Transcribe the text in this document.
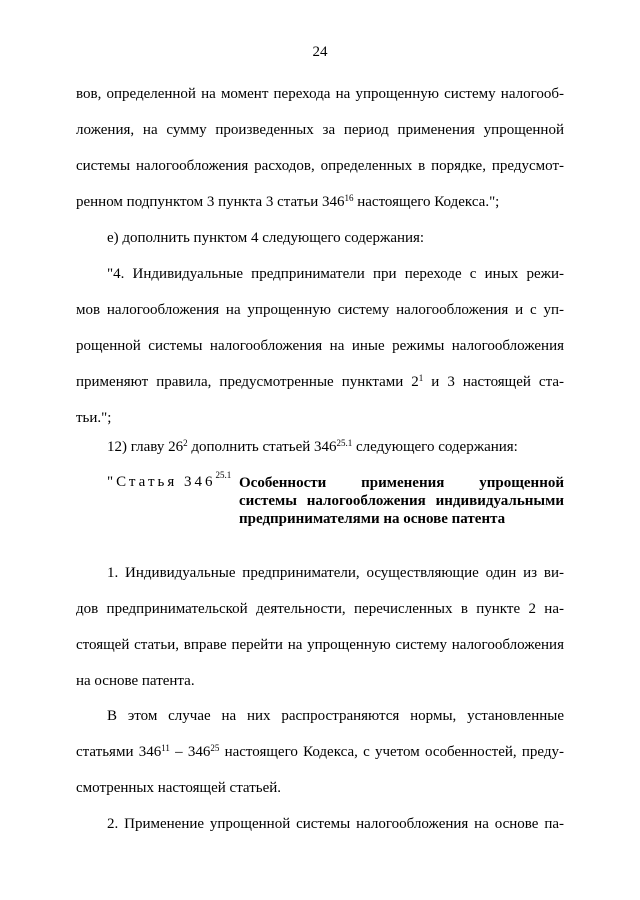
24
вов, определенной на момент перехода на упрощенную систему налогооб-
ложения, на сумму произведенных за период применения упрощенной
системы налогообложения расходов, определенных в порядке, предусмот-
ренном подпунктом 3 пункта 3 статьи $346^{16}$ настоящего Кодекса.";
е) дополнить пунктом 4 следующего содержания:
"4. Индивидуальные предприниматели при переходе с иных режи-
мов налогообложения на упрощенную систему налогообложения и с уп-
рощенной системы налогообложения на иные режимы налогообложения
применяют правила, предусмотренные пунктами $2^1$ и 3 настоящей ста-
тьи.";
12) главу $26^2$ дополнить статьей $346^{25.1}$ следующего содержания:
"Статья $346^{25.1}$ Особенности применения упрощенной
системы налогообложения индивидуальными
предпринимателями на основе патента
1. Индивидуальные предприниматели, осуществляющие один из ви-
дов предпринимательской деятельности, перечисленных в пункте 2 на-
стоящей статьи, вправе перейти на упрощенную систему налогообложения
на основе патента.
В этом случае на них распространяются нормы, установленные
статьями $346^{11} - 346^{25}$ настоящего Кодекса, с учетом особенностей, преду-
смотренных настоящей статьей.
2. Применение упрощенной системы налогообложения на основе па-
